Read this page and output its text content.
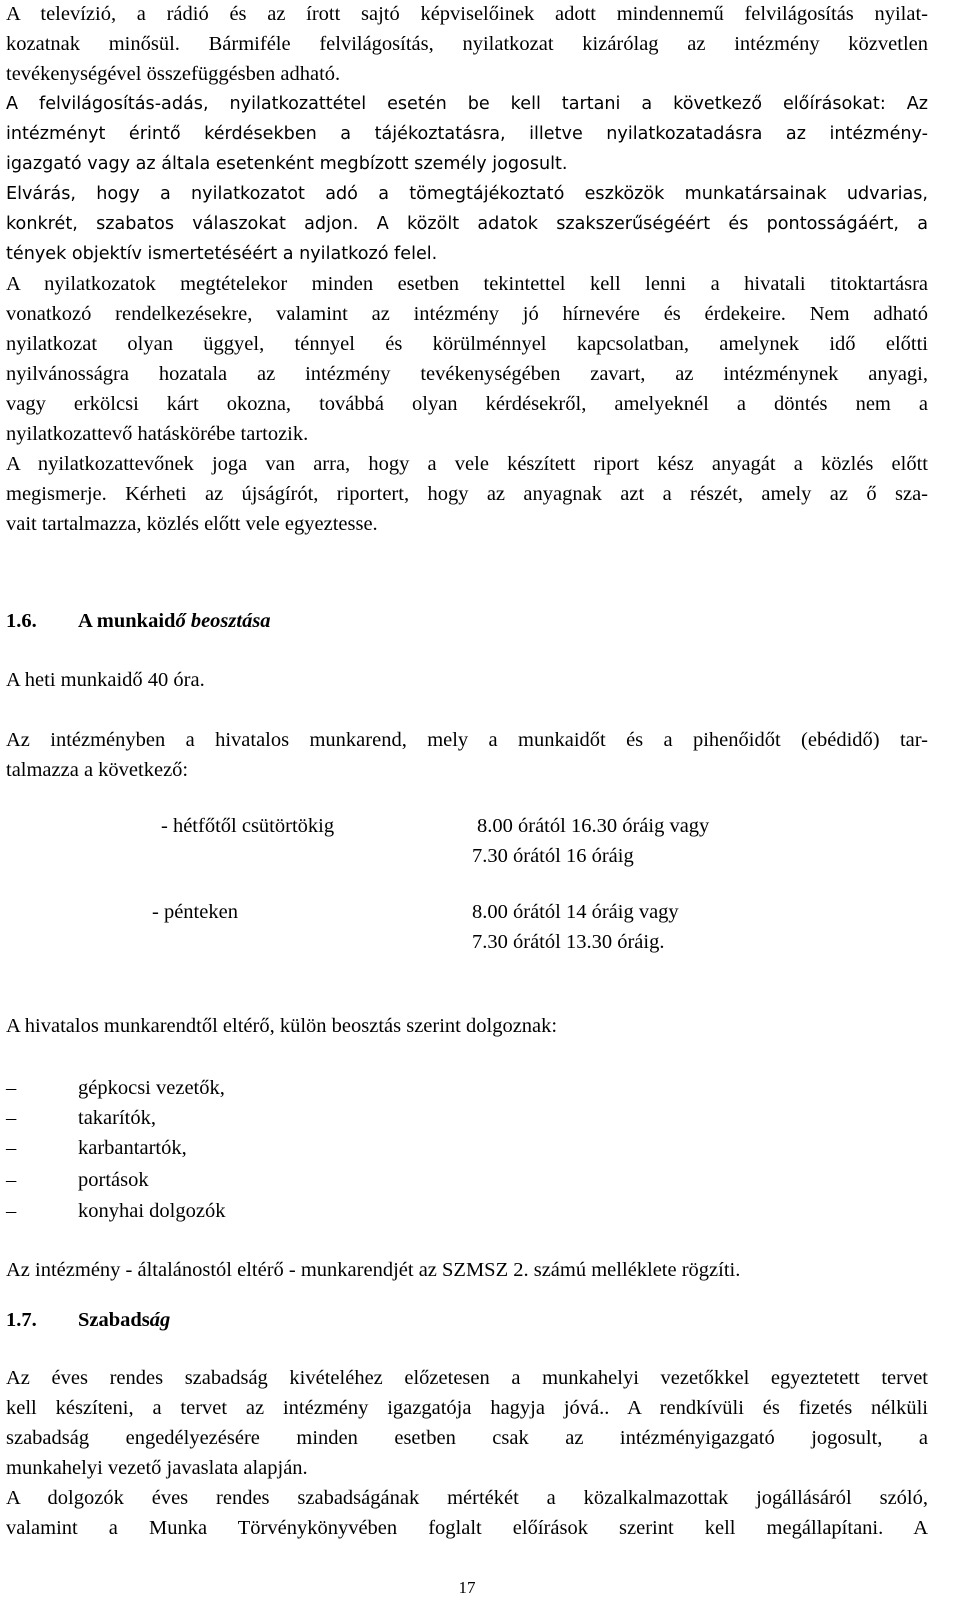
A televízió, a rádió és az írott sajtó képviselőinek adott mindennemű felvilágosítás nyilat-
kozatnak minősül. Bármiféle felvilágosítás, nyilatkozat kizárólag az intézmény közvetlen
tevékenységével összefüggésben adható.
A felvilágosítás-adás, nyilatkozattétel esetén be kell tartani a következő előírásokat: Az
intézményt érintő kérdésekben a tájékoztatásra, illetve nyilatkozatadásra az intézmény-
igazgató vagy az általa esetenként megbízott személy jogosult.
Elvárás, hogy a nyilatkozatot adó a tömegtájékoztató eszközök munkatársainak udvarias,
konkrét, szabatos válaszokat adjon. A közölt adatok szakszerűségéért és pontosságáért, a
tények objektív ismertetéséért a nyilatkozó felel.
A nyilatkozatok megtételekor minden esetben tekintettel kell lenni a hivatali titoktartásra
vonatkozó rendelkezésekre, valamint az intézmény jó hírnevére és érdekeire. Nem adható
nyilatkozat olyan üggyel, ténnyel és körülménnyel kapcsolatban, amelynek idő előtti
nyilvánosságra hozatala az intézmény tevékenységében zavart, az intézménynek anyagi,
vagy erkölcsi kárt okozna, továbbá olyan kérdésekről, amelyeknél a döntés nem a
nyilatkozattevő hatáskörébe tartozik.
A nyilatkozattevőnek joga van arra, hogy a vele készített riport kész anyagát a közlés előtt
megismerje. Kérheti az újságírót, riportert, hogy az anyagnak azt a részét, amely az ő sza-
vait tartalmazza, közlés előtt vele egyeztesse.
1.6. A munkaidő beosztása
A heti munkaidő 40 óra.
Az intézményben a hivatalos munkarend, mely a munkaidőt és a pihenőidőt (ebédidő) tar-
talmazza a következő:
- hétfőtől csütörtökig	8.00 órától 16.30 óráig vagy
7.30 órától 16 óráig
- pénteken	8.00 órától 14 óráig vagy
7.30 órától 13.30 óráig.
A hivatalos munkarendtől eltérő, külön beosztás szerint dolgoznak:
–	gépkocsi vezetők,
–	takarítók,
–	karbantartók,
–	portások
–	konyhai dolgozók
Az intézmény - általánostól eltérő - munkarendjét az SZMSZ 2. számú melléklete rögzíti.
1.7. Szabadság
Az éves rendes szabadság kivételéhez előzetesen a munkahelyi vezetőkkel egyeztetett tervet
kell készíteni, a tervet az intézmény igazgatója hagyja jóvá.. A rendkívüli és fizetés nélküli
szabadság engedélyezésére minden esetben csak az intézményigazgató jogosult, a
munkahelyi vezető javaslata alapján.
A dolgozók éves rendes szabadságának mértékét a közalkalmazottak jogállásáról szóló,
valamint a Munka Törvénykönyvében foglalt előírások szerint kell megállapítani. A
17
